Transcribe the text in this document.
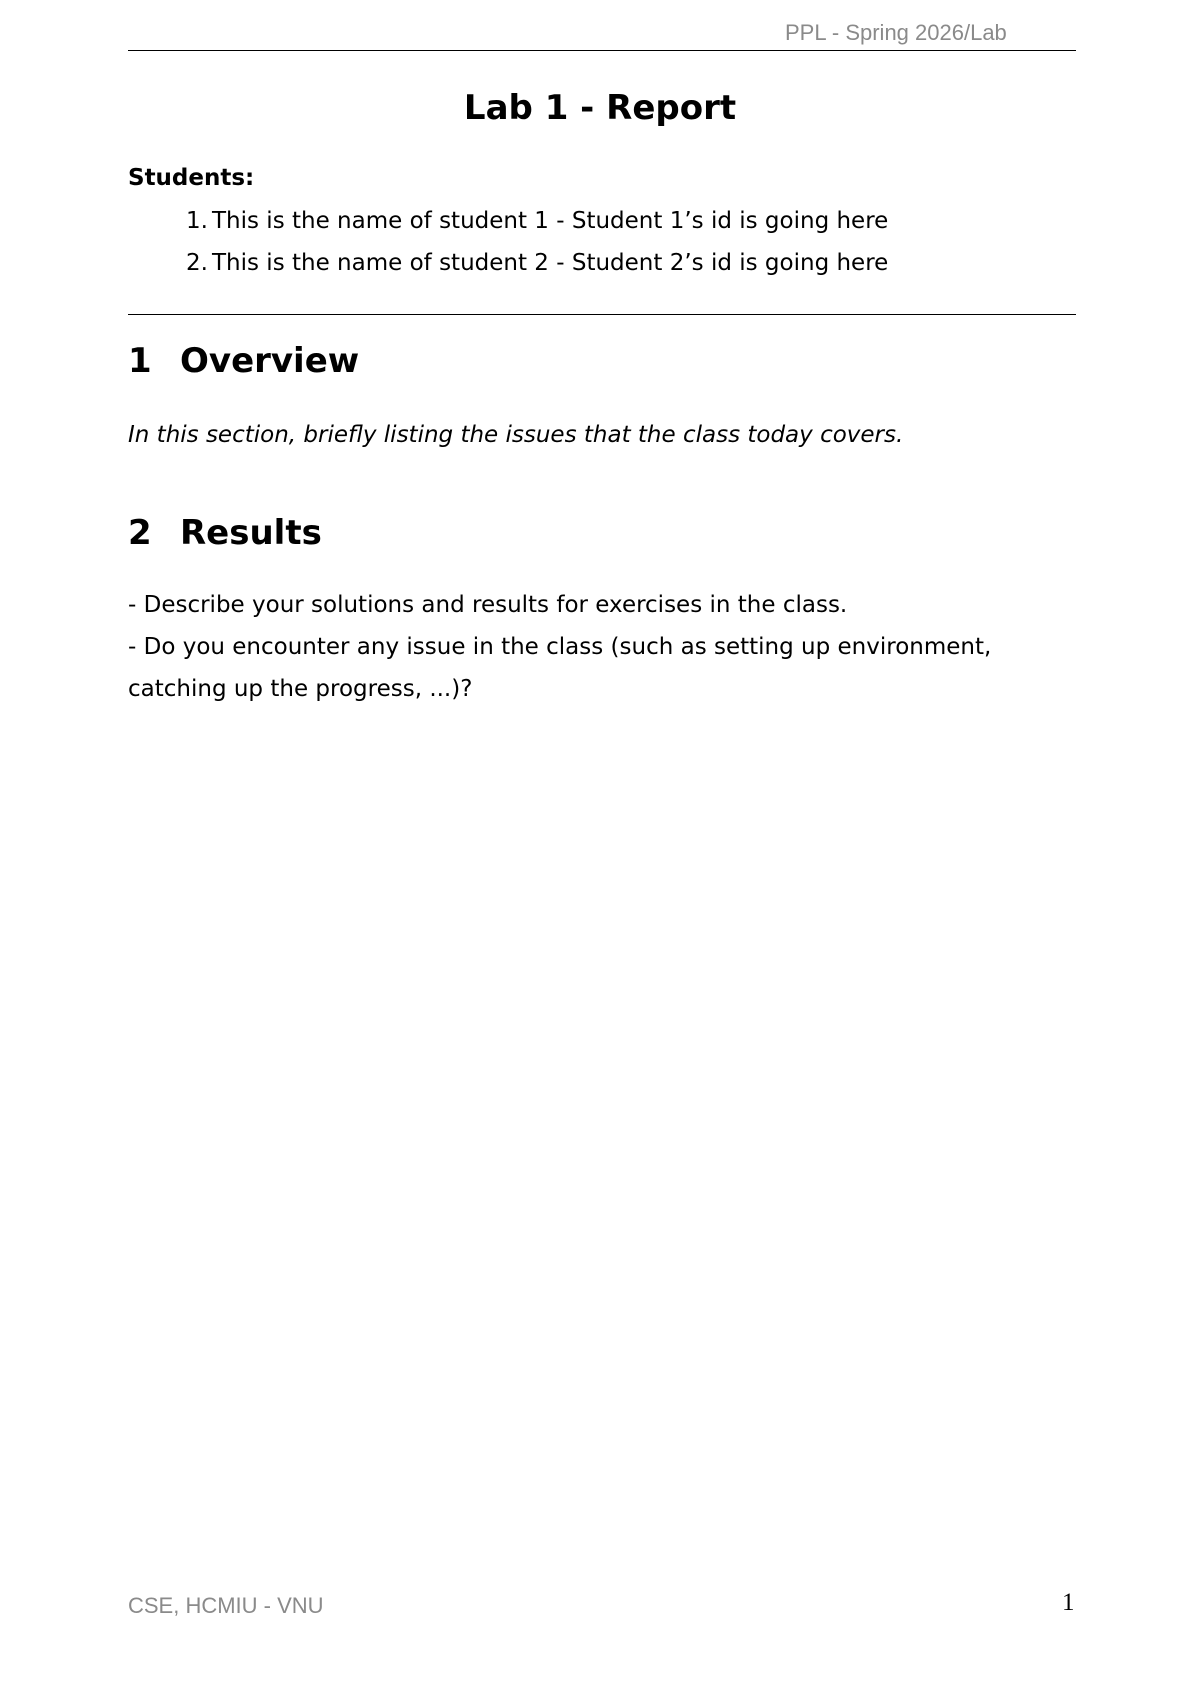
PPL - Spring 2026/Lab
Lab 1 - Report
Students:
1. This is the name of student 1 - Student 1’s id is going here
2. This is the name of student 2 - Student 2’s id is going here
1 Overview
In this section, briefly listing the issues that the class today covers.
2 Results
- Describe your solutions and results for exercises in the class.
- Do you encounter any issue in the class (such as setting up environment,
catching up the progress, ...)?
CSE, HCMIU - VNU	1
